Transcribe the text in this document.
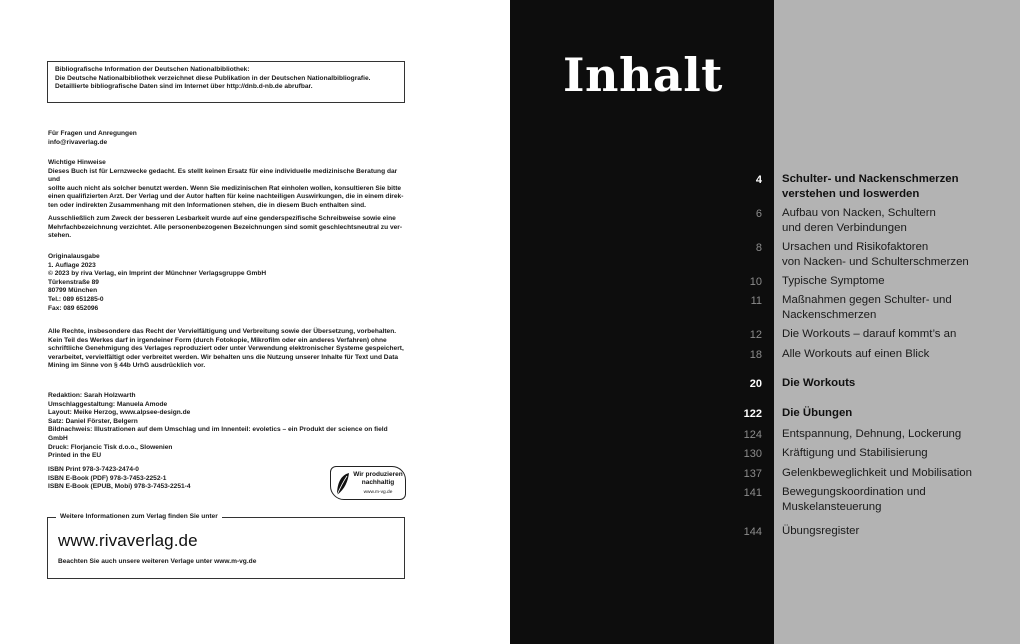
Bibliografische Information der Deutschen Nationalbibliothek:

Die Deutsche Nationalbibliothek verzeichnet diese Publikation in der Deutschen Nationalbibliografie.

Detaillierte bibliografische Daten sind im Internet über http://dnb.d-nb.de abrufbar.

Für Fragen und Anregungen

info@rivaverlag.de

Wichtige Hinweise

Dieses Buch ist für Lernzwecke gedacht. Es stellt keinen Ersatz für eine individuelle medizinische Beratung dar und

sollte auch nicht als solcher benutzt werden. Wenn Sie medizinischen Rat einholen wollen, konsultieren Sie bitte

einen qualifizierten Arzt. Der Verlag und der Autor haften für keine nachteiligen Auswirkungen, die in einem direk-

ten oder indirekten Zusammenhang mit den Informationen stehen, die in diesem Buch enthalten sind.

Ausschließlich zum Zweck der besseren Lesbarkeit wurde auf eine genderspezifische Schreibweise sowie eine

Mehrfachbezeichnung verzichtet. Alle personenbezogenen Bezeichnungen sind somit geschlechtsneutral zu ver-

stehen.

Originalausgabe

1. Auflage 2023

© 2023 by riva Verlag, ein Imprint der Münchner Verlagsgruppe GmbH

Türkenstraße 89

80799 München

Tel.: 089 651285-0

Fax: 089 652096

Alle Rechte, insbesondere das Recht der Vervielfältigung und Verbreitung sowie der Übersetzung, vorbehalten.

Kein Teil des Werkes darf in irgendeiner Form (durch Fotokopie, Mikrofilm oder ein anderes Verfahren) ohne

schriftliche Genehmigung des Verlages reproduziert oder unter Verwendung elektronischer Systeme gespeichert,

verarbeitet, vervielfältigt oder verbreitet werden. Wir behalten uns die Nutzung unserer Inhalte für Text und Data

Mining im Sinne von § 44b UrhG ausdrücklich vor.

Redaktion: Sarah Holzwarth

Umschlaggestaltung: Manuela Amode

Layout: Meike Herzog, www.alpsee-design.de

Satz: Daniel Förster, Belgern

Bildnachweis: Illustrationen auf dem Umschlag und im Innenteil: evoletics – ein Produkt der science on field GmbH

Druck: Florjancic Tisk d.o.o., Slowenien

Printed in the EU

ISBN Print 978-3-7423-2474-0

ISBN E-Book (PDF) 978-3-7453-2252-1

ISBN E-Book (EPUB, Mobi) 978-3-7453-2251-4

Wir produzieren
nachhaltig
www.m-vg.de
Weitere Informationen zum Verlag finden Sie unter
www.rivaverlag.de
Beachten Sie auch unsere weiteren Verlage unter www.m-vg.de
Inhalt
4 Schulter- und Nackenschmerzen
verstehen und loswerden
6 Aufbau von Nacken, Schultern
und deren Verbindungen
8 Ursachen und Risikofaktoren
von Nacken- und Schulterschmerzen
10 Typische Symptome
11 Maßnahmen gegen Schulter- und
Nackenschmerzen
12 Die Workouts – darauf kommt’s an
18 Alle Workouts auf einen Blick
20 Die Workouts
122 Die Übungen
124 Entspannung, Dehnung, Lockerung
130 Kräftigung und Stabilisierung
137 Gelenkbeweglichkeit und Mobilisation
141 Bewegungskoordination und
Muskelansteuerung
144 Übungsregister
